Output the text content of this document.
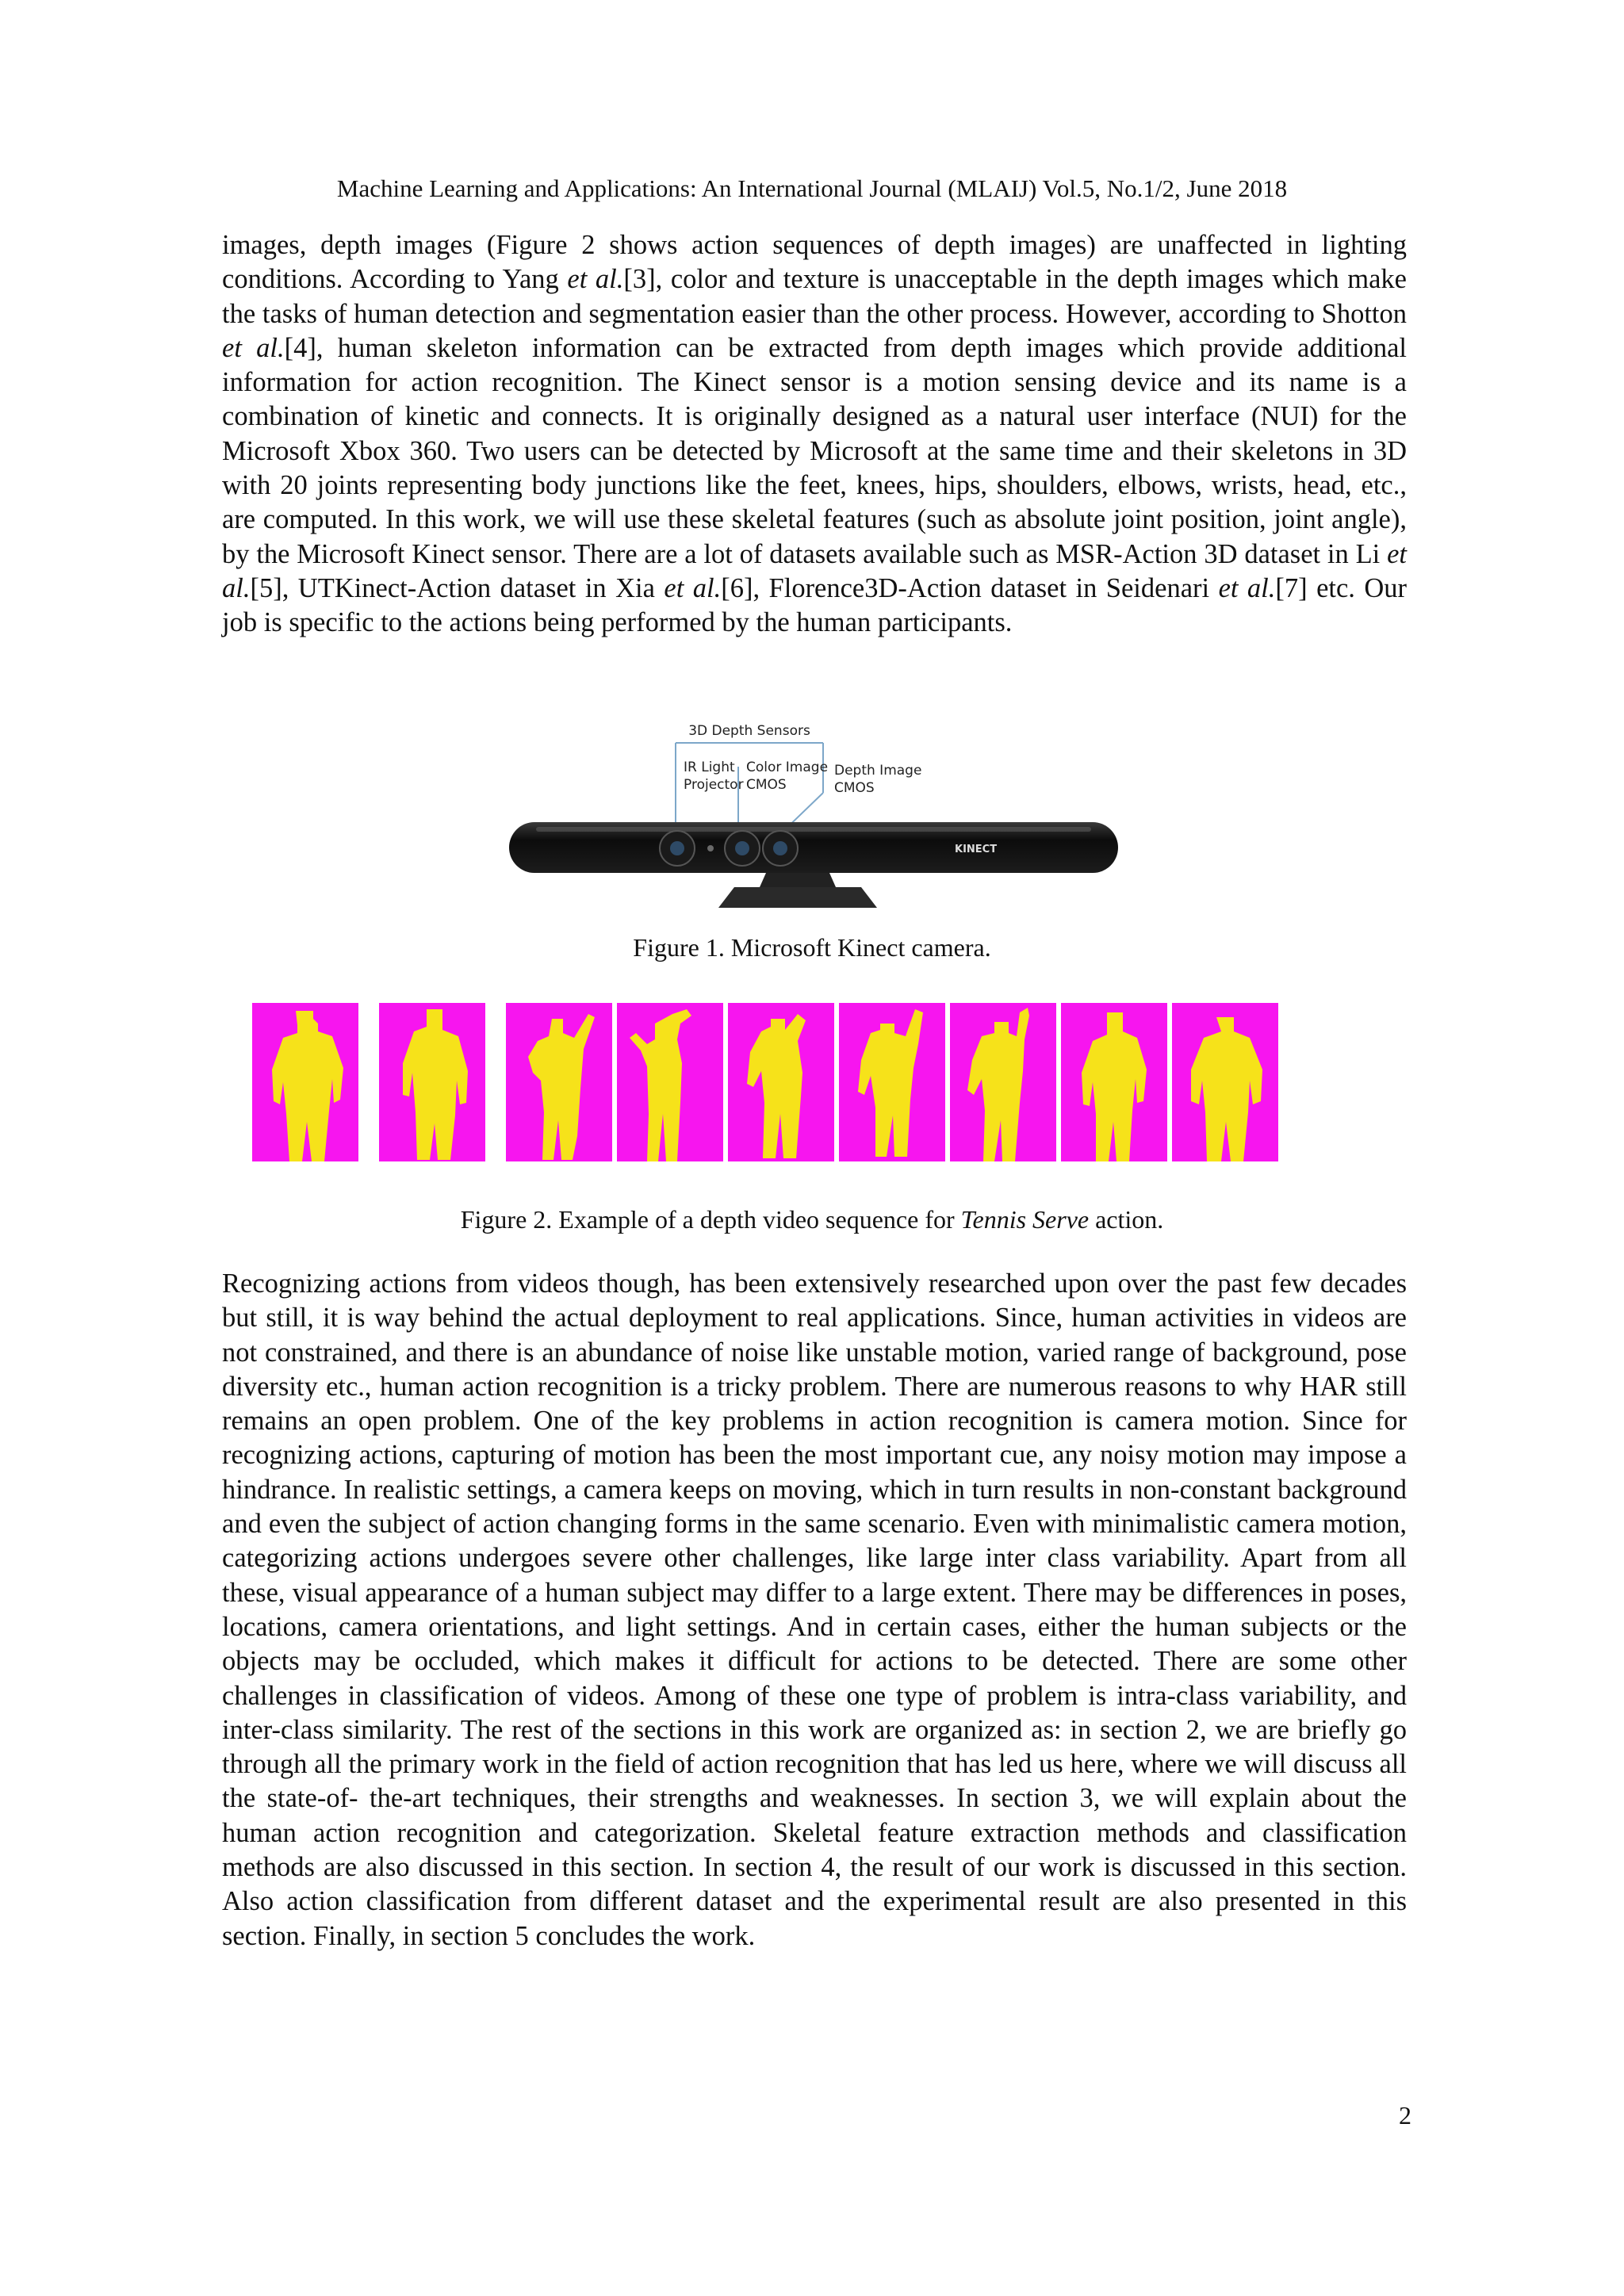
Machine Learning and Applications: An International Journal (MLAIJ) Vol.5, No.1/2, June 2018

images, depth images (Figure 2 shows action sequences of depth images) are unaffected in lighting conditions. According to Yang et al.[3], color and texture is unacceptable in the depth images which make the tasks of human detection and segmentation easier than the other process. However, according to Shotton et al.[4], human skeleton information can be extracted from depth images which provide additional information for action recognition. The Kinect sensor is a motion sensing device and its name is a combination of kinetic and connects. It is originally designed as a natural user interface (NUI) for the Microsoft Xbox 360. Two users can be detected by Microsoft at the same time and their skeletons in 3D with 20 joints representing body junctions like the feet, knees, hips, shoulders, elbows, wrists, head, etc., are computed. In this work, we will use these skeletal features (such as absolute joint position, joint angle), by the Microsoft Kinect sensor. There are a lot of datasets available such as MSR-Action 3D dataset in Li et al.[5], UTKinect-Action dataset in Xia et al.[6], Florence3D-Action dataset in Seidenari et al.[7] etc. Our job is specific to the actions being performed by the human participants.

3D Depth Sensors
IR Light Projector
Color Image CMOS
Depth Image CMOS
KINECT
Figure 1. Microsoft Kinect camera.
Figure 2. Example of a depth video sequence for Tennis Serve action.

Recognizing actions from videos though, has been extensively researched upon over the past few decades but still, it is way behind the actual deployment to real applications. Since, human activities in videos are not constrained, and there is an abundance of noise like unstable motion, varied range of background, pose diversity etc., human action recognition is a tricky problem. There are numerous reasons to why HAR still remains an open problem. One of the key problems in action recognition is camera motion. Since for recognizing actions, capturing of motion has been the most important cue, any noisy motion may impose a hindrance. In realistic settings, a camera keeps on moving, which in turn results in non-constant background and even the subject of action changing forms in the same scenario. Even with minimalistic camera motion, categorizing actions undergoes severe other challenges, like large inter class variability. Apart from all these, visual appearance of a human subject may differ to a large extent. There may be differences in poses, locations, camera orientations, and light settings. And in certain cases, either the human subjects or the objects may be occluded, which makes it difficult for actions to be detected. There are some other challenges in classification of videos. Among of these one type of problem is intra-class variability, and inter-class similarity. The rest of the sections in this work are organized as: in section 2, we are briefly go through all the primary work in the field of action recognition that has led us here, where we will discuss all the state-of- the-art techniques, their strengths and weaknesses. In section 3, we will explain about the human action recognition and categorization. Skeletal feature extraction methods and classification methods are also discussed in this section. In section 4, the result of our work is discussed in this section. Also action classification from different dataset and the experimental result are also presented in this section. Finally, in section 5 concludes the work.

2
